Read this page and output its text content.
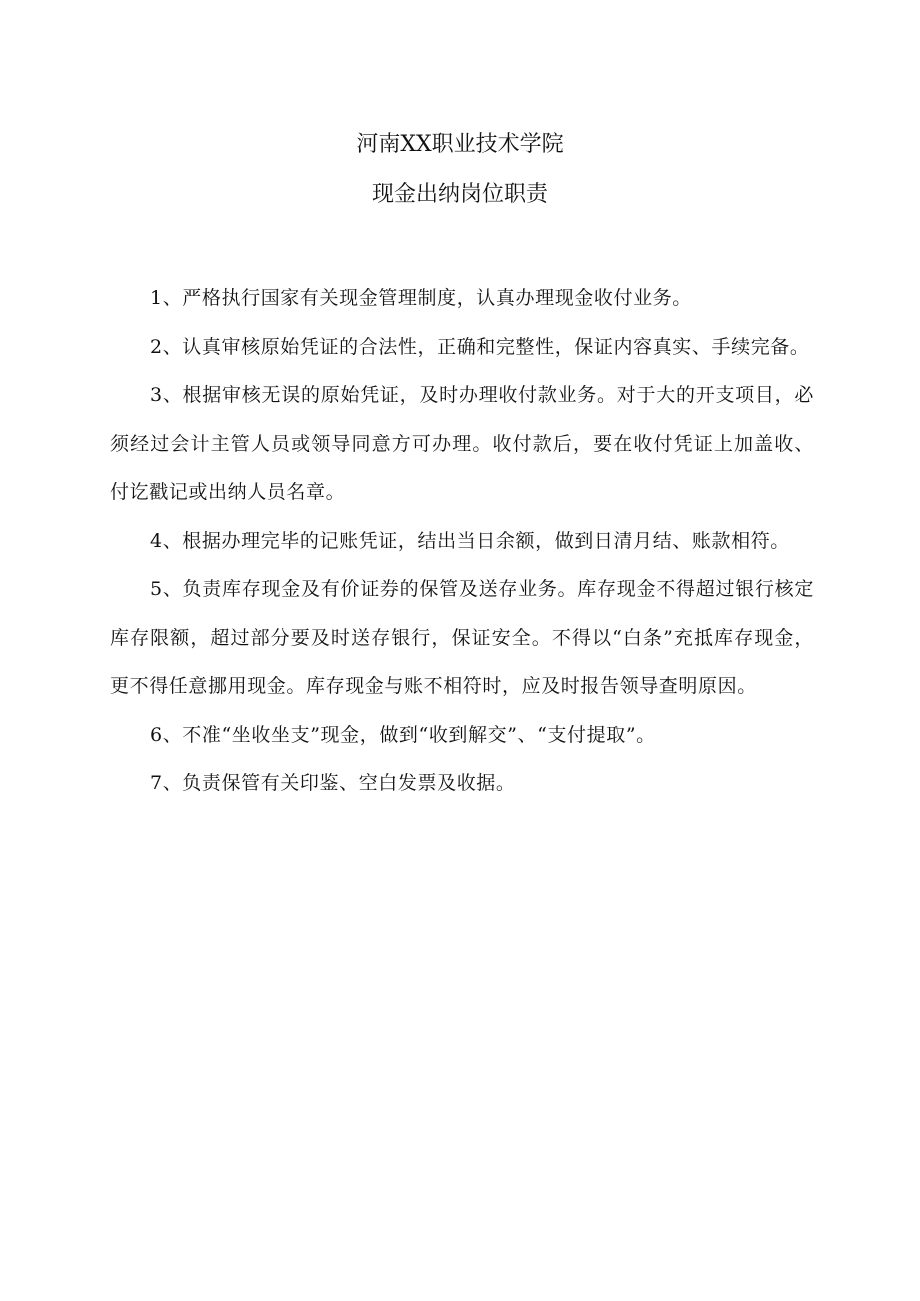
河南XX职业技术学院
现金出纳岗位职责

1、严格执行国家有关现金管理制度，认真办理现金收付业务。

2、认真审核原始凭证的合法性，正确和完整性，保证内容真实、手续完备。

3、根据审核无误的原始凭证，及时办理收付款业务。对于大的开支项目，必须经过会计主管人员或领导同意方可办理。收付款后，要在收付凭证上加盖收、付讫戳记或出纳人员名章。

4、根据办理完毕的记账凭证，结出当日余额，做到日清月结、账款相符。

5、负责库存现金及有价证券的保管及送存业务。库存现金不得超过银行核定库存限额，超过部分要及时送存银行，保证安全。不得以“白条”充抵库存现金，更不得任意挪用现金。库存现金与账不相符时，应及时报告领导查明原因。

6、不准“坐收坐支”现金，做到“收到解交”、“支付提取”。

7、负责保管有关印鉴、空白发票及收据。
